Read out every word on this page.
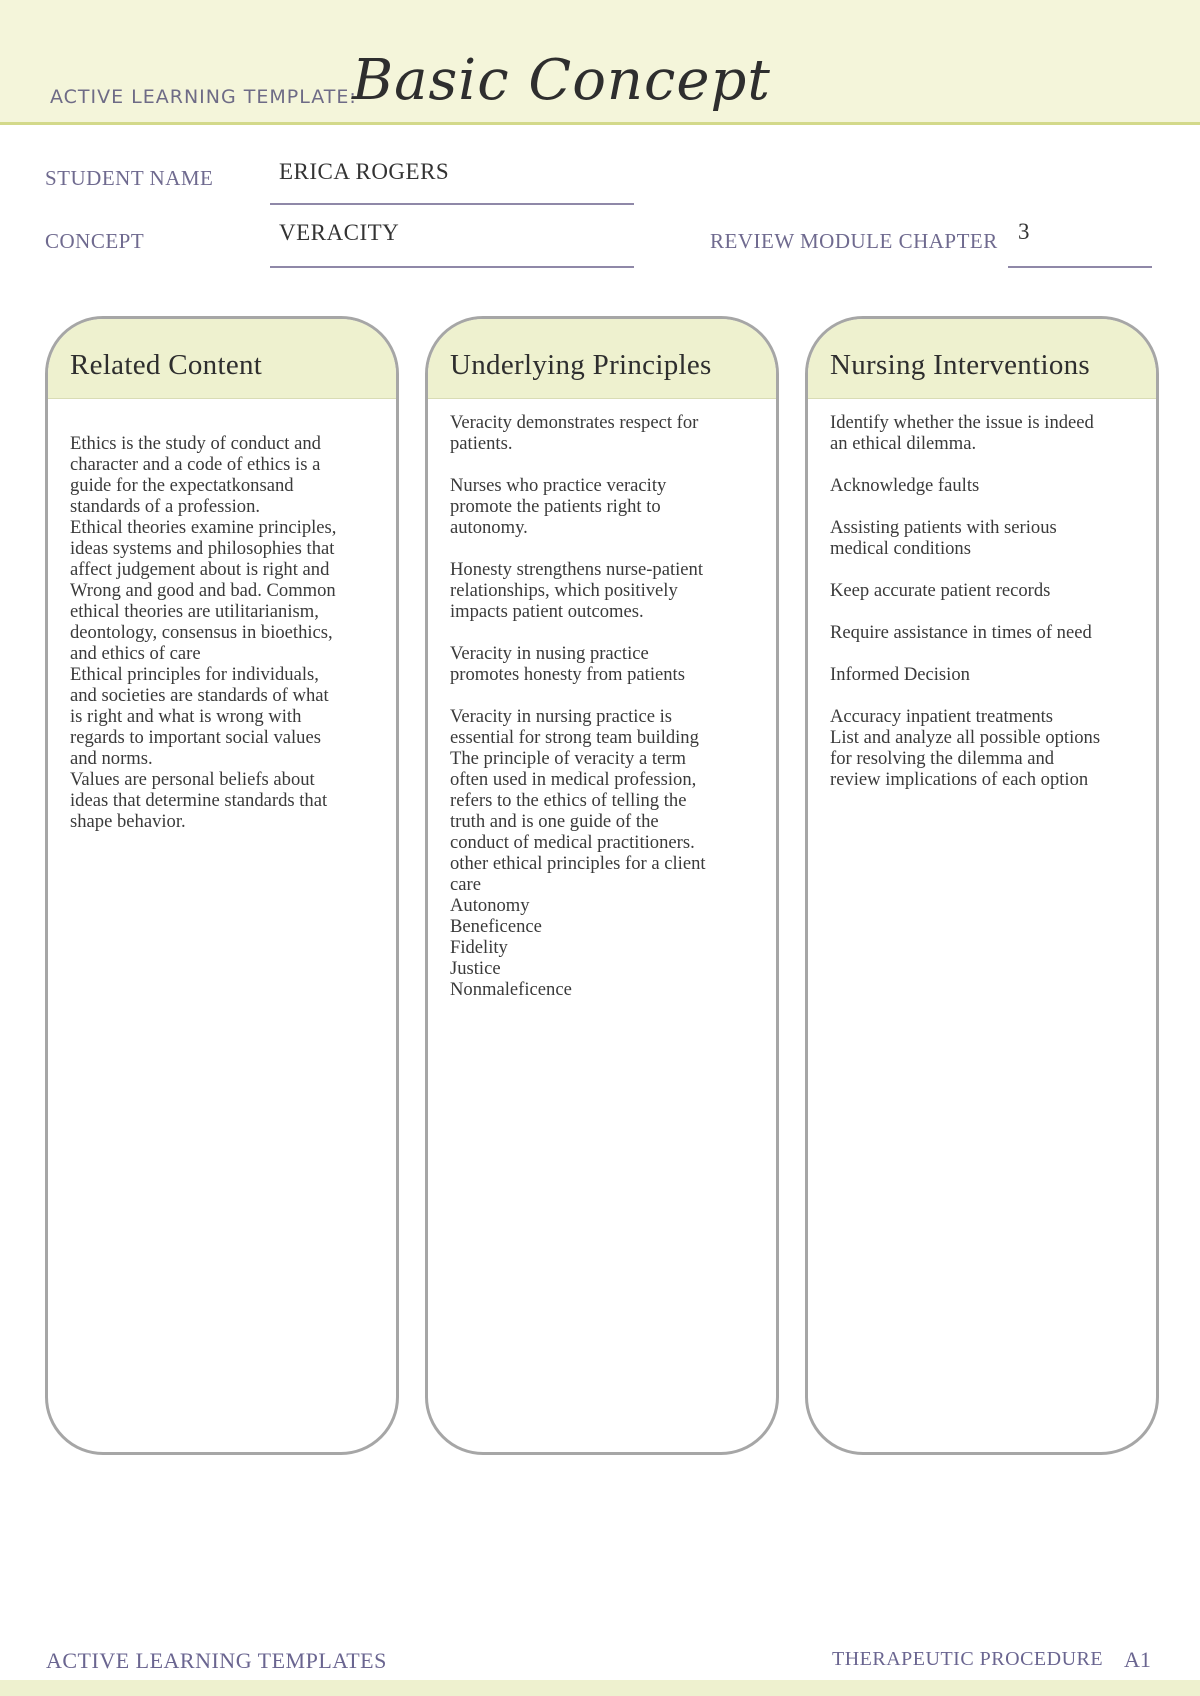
ACTIVE LEARNING TEMPLATE:
Basic Concept
STUDENT NAME	ERICA ROGERS
CONCEPT	VERACITY	REVIEW MODULE CHAPTER 3
Related Content
Ethics is the study of conduct and
character and a code of ethics is a
guide for the expectatkonsand
standards of a profession.
Ethical theories examine principles,
ideas systems and philosophies that
affect judgement about is right and
Wrong and good and bad. Common
ethical theories are utilitarianism,
deontology, consensus in bioethics,
and ethics of care
Ethical principles for individuals,
and societies are standards of what
is right and what is wrong with
regards to important social values
and norms.
Values are personal beliefs about
ideas that determine standards that
shape behavior.
Underlying Principles
Veracity demonstrates respect for
patients.
Nurses who practice veracity
promote the patients right to
autonomy.
Honesty strengthens nurse-patient
relationships, which positively
impacts patient outcomes.
Veracity in nusing practice
promotes honesty from patients
Veracity in nursing practice is
essential for strong team building
The principle of veracity a term
often used in medical profession,
refers to the ethics of telling the
truth and is one guide of the
conduct of medical practitioners.
other ethical principles for a client
care
Autonomy
Beneficence
Fidelity
Justice
Nonmaleficence
Nursing Interventions
Identify whether the issue is indeed
an ethical dilemma.
Acknowledge faults
Assisting patients with serious
medical conditions
Keep accurate patient records
Require assistance in times of need
Informed Decision
Accuracy inpatient treatments
List and analyze all possible options
for resolving the dilemma and
review implications of each option
ACTIVE LEARNING TEMPLATES	THERAPEUTIC PROCEDURE A1
